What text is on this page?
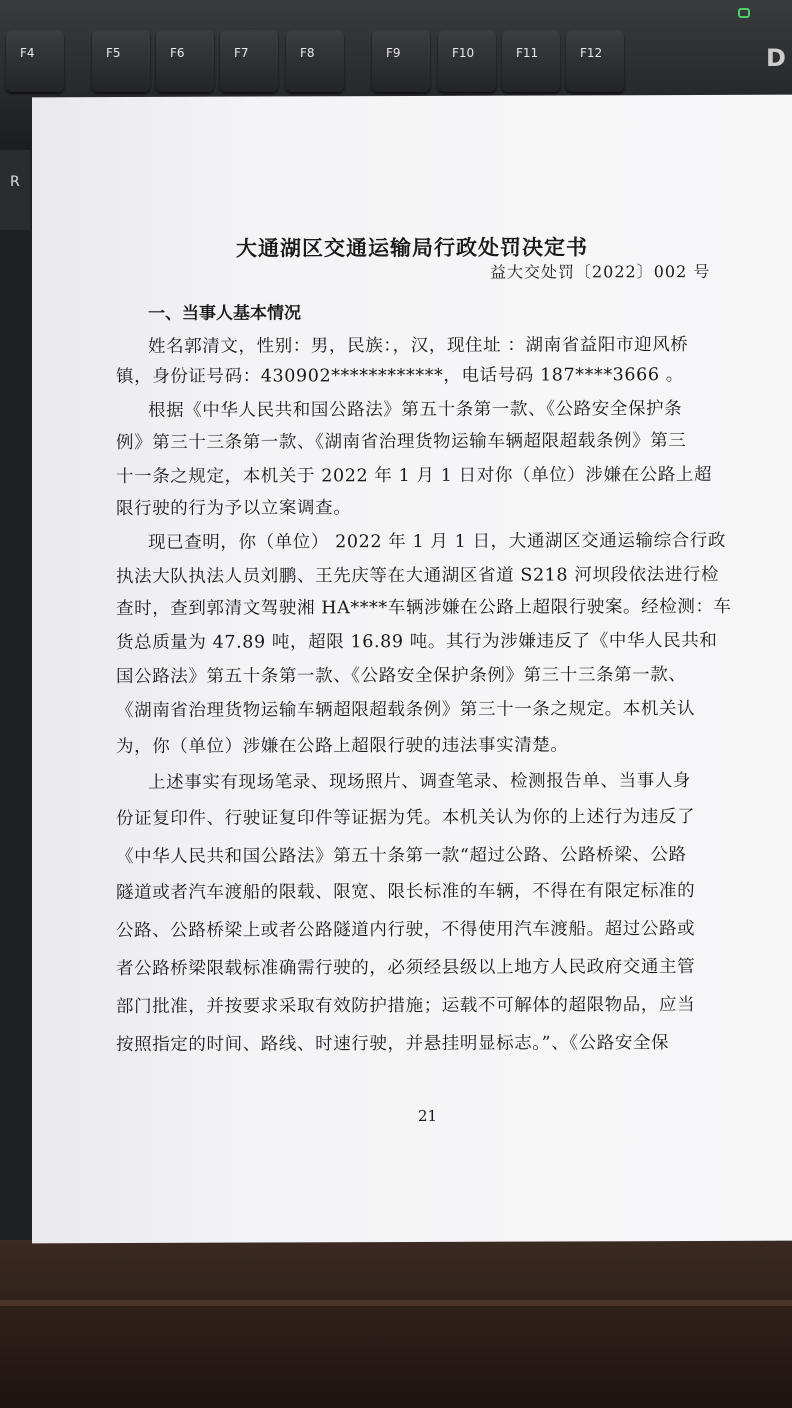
F4	F5	F6	F7	F8	F9	F10	F11	F12	D
R
大通湖区交通运输局行政处罚决定书
益大交处罚〔2022〕002 号
一、当事人基本情况
姓名郭清文，性别：男，民族：，汉，现住址 ：湖南省益阳市迎风桥
镇，身份证号码：430902************，电话号码 187****3666 。
根据《中华人民共和国公路法》第五十条第一款、《公路安全保护条
例》第三十三条第一款、《湖南省治理货物运输车辆超限超载条例》第三
十一条之规定，本机关于 2022 年 1 月 1 日对你（单位）涉嫌在公路上超
限行驶的行为予以立案调查。
现已查明，你（单位） 2022 年 1 月 1 日，大通湖区交通运输综合行政
执法大队执法人员刘鹏、王先庆等在大通湖区省道 S218 河坝段依法进行检
查时，查到郭清文驾驶湘 HA****车辆涉嫌在公路上超限行驶案。经检测：车
货总质量为 47.89 吨，超限 16.89 吨。其行为涉嫌违反了《中华人民共和
国公路法》第五十条第一款、《公路安全保护条例》第三十三条第一款、
《湖南省治理货物运输车辆超限超载条例》第三十一条之规定。本机关认
为，你（单位）涉嫌在公路上超限行驶的违法事实清楚。
上述事实有现场笔录、现场照片、调查笔录、检测报告单、当事人身
份证复印件、行驶证复印件等证据为凭。本机关认为你的上述行为违反了
《中华人民共和国公路法》第五十条第一款“超过公路、公路桥梁、公路
隧道或者汽车渡船的限载、限宽、限长标准的车辆，不得在有限定标准的
公路、公路桥梁上或者公路隧道内行驶，不得使用汽车渡船。超过公路或
者公路桥梁限载标准确需行驶的，必须经县级以上地方人民政府交通主管
部门批准，并按要求采取有效防护措施；运载不可解体的超限物品，应当
按照指定的时间、路线、时速行驶，并悬挂明显标志。”、《公路安全保
21
